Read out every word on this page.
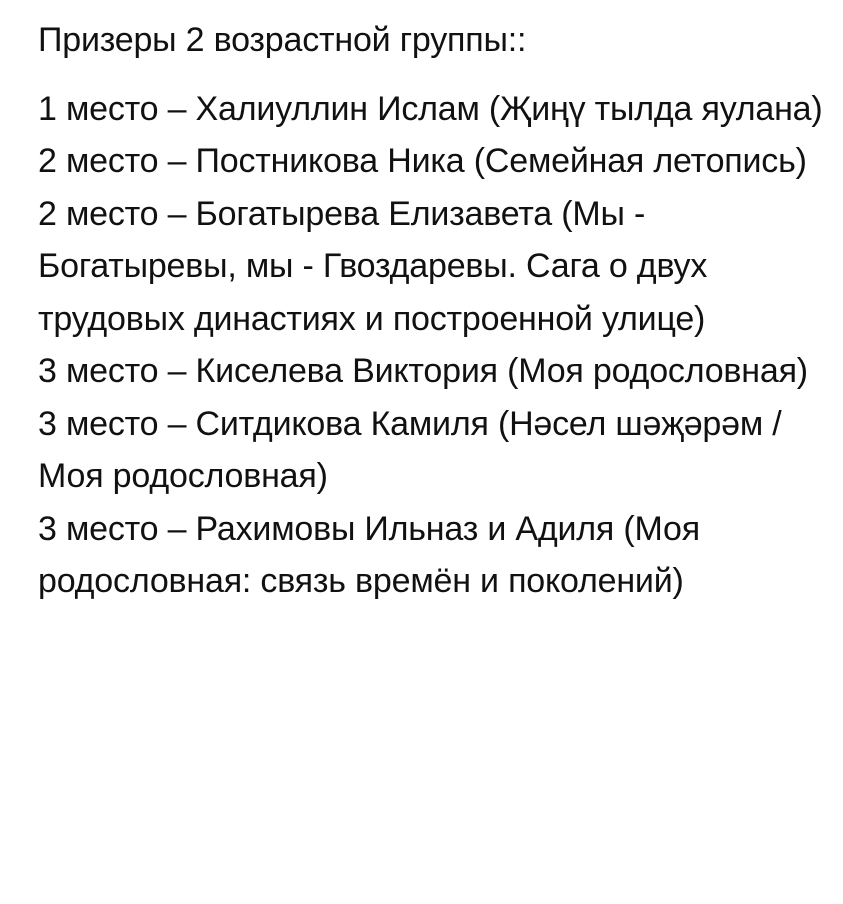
Призеры 2 возрастной группы::
1 место – Халиуллин Ислам (Җиңү тылда яулана)
2 место – Постникова Ника (Семейная летопись)
2 место – Богатырева Елизавета (Мы - Богатыревы, мы - Гвоздаревы. Сага о двух трудовых династиях и построенной улице)
3 место – Киселева Виктория (Моя родословная)
3 место – Ситдикова Камиля (Нәсел шәҗәрәм / Моя родословная)
3 место – Рахимовы Ильназ и Адиля (Моя родословная: связь времён и поколений)
